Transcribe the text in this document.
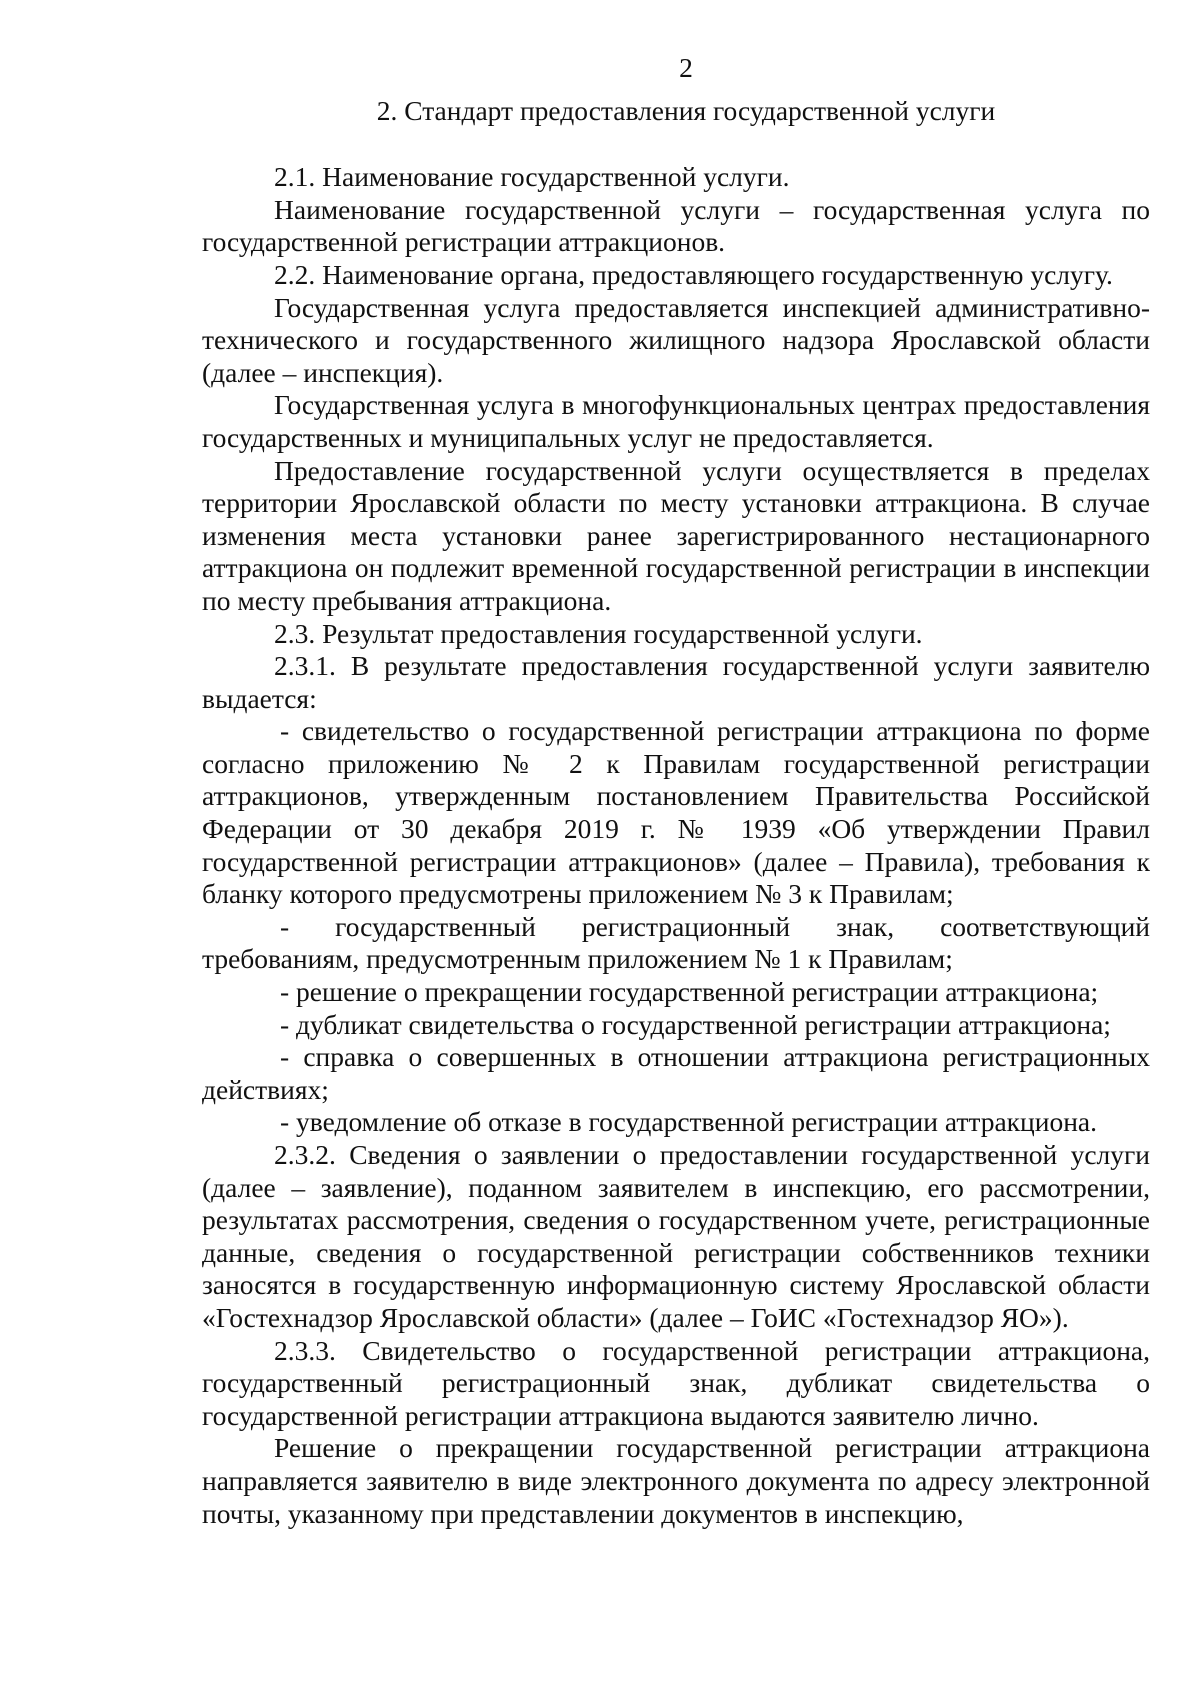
2
2. Стандарт предоставления государственной услуги

2.1. Наименование государственной услуги.

Наименование государственной услуги – государственная услуга по государственной регистрации аттракционов.

2.2. Наименование органа, предоставляющего государственную услугу.

Государственная услуга предоставляется инспекцией административно-технического и государственного жилищного надзора Ярославской области (далее – инспекция).

Государственная услуга в многофункциональных центрах предоставления государственных и муниципальных услуг не предоставляется.

Предоставление государственной услуги осуществляется в пределах территории Ярославской области по месту установки аттракциона. В случае изменения места установки ранее зарегистрированного нестационарного аттракциона он подлежит временной государственной регистрации в инспекции по месту пребывания аттракциона.

2.3. Результат предоставления государственной услуги.

2.3.1. В результате предоставления государственной услуги заявителю выдается:

- свидетельство о государственной регистрации аттракциона по форме согласно приложению № 2 к Правилам государственной регистрации аттракционов, утвержденным постановлением Правительства Российской Федерации от 30 декабря 2019 г. № 1939 «Об утверждении Правил государственной регистрации аттракционов» (далее – Правила), требования к бланку которого предусмотрены приложением № 3 к Правилам;

- государственный регистрационный знак, соответствующий требованиям, предусмотренным приложением № 1 к Правилам;

- решение о прекращении государственной регистрации аттракциона;

- дубликат свидетельства о государственной регистрации аттракциона;

- справка о совершенных в отношении аттракциона регистрационных действиях;

- уведомление об отказе в государственной регистрации аттракциона.

2.3.2. Сведения о заявлении о предоставлении государственной услуги (далее – заявление), поданном заявителем в инспекцию, его рассмотрении, результатах рассмотрения, сведения о государственном учете, регистрационные данные, сведения о государственной регистрации собственников техники заносятся в государственную информационную систему Ярославской области «Гостехнадзор Ярославской области» (далее – ГоИС «Гостехнадзор ЯО»).

2.3.3. Свидетельство о государственной регистрации аттракциона, государственный регистрационный знак, дубликат свидетельства о государственной регистрации аттракциона выдаются заявителю лично.

Решение о прекращении государственной регистрации аттракциона направляется заявителю в виде электронного документа по адресу электронной почты, указанному при представлении документов в инспекцию,
